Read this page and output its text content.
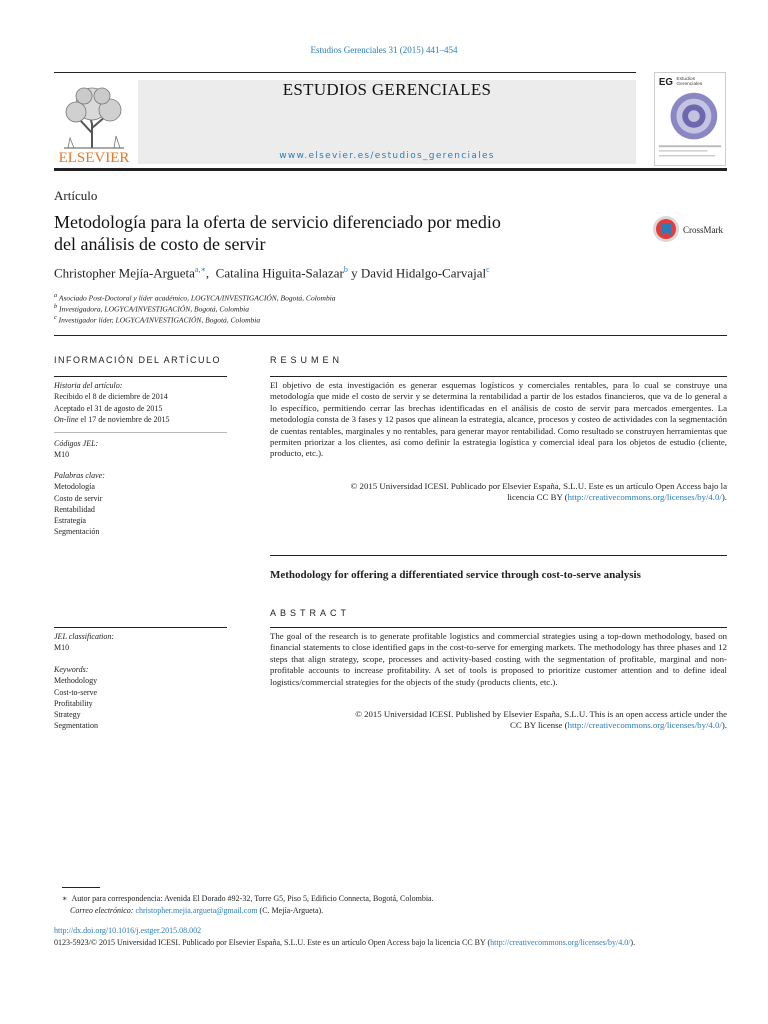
Estudios Gerenciales 31 (2015) 441–454
ESTUDIOS GERENCIALES
www.elsevier.es/estudios_gerenciales
ELSEVIER
EG Estudios
Gerenciales
Artículo
Metodología para la oferta de servicio diferenciado por medio
del análisis de costo de servir
CrossMark
Christopher Mejía-Argueta$^{a,∗}$, Catalina Higuita-Salazar$^b$ y David Hidalgo-Carvajal$^c$
$^a$ Asociado Post-Doctoral y líder académico, LOGYCA/INVESTIGACIÓN, Bogotá, Colombia
$^b$ Investigadora, LOGYCA/INVESTIGACIÓN, Bogotá, Colombia
$^c$ Investigador líder, LOGYCA/INVESTIGACIÓN, Bogotá, Colombia
INFORMACIÓN DEL ARTÍCULO	RESUMEN
Historia del artículo:
Recibido el 8 de diciembre de 2014
Aceptado el 31 de agosto de 2015
On-line el 17 de noviembre de 2015
Códigos JEL:
M10
Palabras clave:
Metodología
Costo de servir
Rentabilidad
Estrategia
Segmentación
El objetivo de esta investigación es generar esquemas logísticos y comerciales rentables, para lo cual se construye una metodología que mide el costo de servir y se determina la rentabilidad a partir de los estados financieros, que va de lo general a lo específico, permitiendo cerrar las brechas identificadas en el análisis de costo de servir para mercados emergentes. La metodología consta de 3 fases y 12 pasos que alinean la estrategia, alcance, procesos y costeo de actividades con la segmentación de cuentas rentables, marginales y no rentables, para generar mayor rentabilidad. Como resultado se construyen herramientas que permiten priorizar a los clientes, así como definir la estrategia logística y comercial ideal para los objetos de estudio (cliente, producto, etc.).
© 2015 Universidad ICESI. Publicado por Elsevier España, S.L.U. Este es un artículo Open Access bajo la
licencia CC BY (http://creativecommons.org/licenses/by/4.0/).
Methodology for offering a differentiated service through cost-to-serve analysis
ABSTRACT
JEL classification:
M10
Keywords:
Methodology
Cost-to-serve
Profitability
Strategy
Segmentation
The goal of the research is to generate profitable logistics and commercial strategies using a top-down methodology, based on financial statements to close identified gaps in the cost-to-serve for emerging markets. The methodology has three phases and 12 steps that align strategy, scope, processes and activity-based costing with the segmentation of profitable, marginal and non-profitable accounts to increase profitability. A set of tools is proposed to prioritize customer attention and to define ideal logistics/commercial strategies for the objects of the study (products clients, etc.).
© 2015 Universidad ICESI. Published by Elsevier España, S.L.U. This is an open access article under the
CC BY license (http://creativecommons.org/licenses/by/4.0/).
∗ Autor para correspondencia: Avenida El Dorado #92-32, Torre G5, Piso 5, Edificio Connecta, Bogotá, Colombia.
Correo electrónico: christopher.mejia.argueta@gmail.com (C. Mejía-Argueta).
http://dx.doi.org/10.1016/j.estger.2015.08.002
0123-5923/© 2015 Universidad ICESI. Publicado por Elsevier España, S.L.U. Este es un artículo Open Access bajo la licencia CC BY (http://creativecommons.org/licenses/by/4.0/).
